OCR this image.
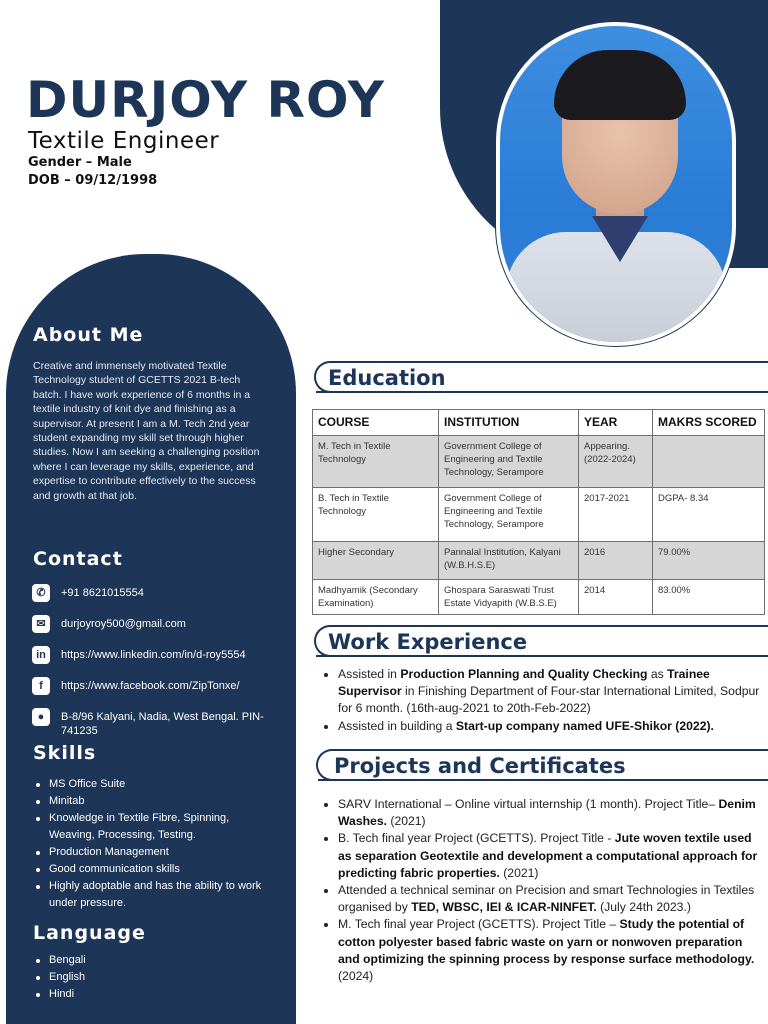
DURJOY ROY
Textile Engineer
Gender – Male
DOB – 09/12/1998
About Me
Creative and immensely motivated Textile Technology student of GCETTS 2021 B-tech batch. I have work experience of 6 months in a textile industry of knit dye and finishing as a supervisor. At present I am a M. Tech 2nd year student expanding my skill set through higher studies. Now I am seeking a challenging position where I can leverage my skills, experience, and expertise to contribute effectively to the success and growth at that job.
Contact
✆	+91 8621015554
✉	durjoyroy500@gmail.com
in	https://www.linkedin.com/in/d-roy5554
f	https://www.facebook.com/ZipTonxe/
●	B-8/96 Kalyani, Nadia, West Bengal. PIN-741235
Skills
MS Office Suite
Minitab
Knowledge in Textile Fibre, Spinning, Weaving, Processing, Testing.
Production Management
Good communication skills
Highly adoptable and has the ability to work under pressure.
Language
Bengali
English
Hindi
Education
COURSE	INSTITUTION	YEAR	MAKRS SCORED
M. Tech in Textile Technology	Government College of Engineering and Textile Technology, Serampore	Appearing. (2022-2024)	
B. Tech in Textile Technology	Government College of Engineering and Textile Technology, Serampore	2017-2021	DGPA- 8.34
Higher Secondary	Pannalal Institution, Kalyani (W.B.H.S.E)	2016	79.00%
Madhyamik (Secondary Examination)	Ghospara Saraswati Trust Estate Vidyapith (W.B.S.E)	2014	83.00%
Work Experience
Assisted in Production Planning and Quality Checking as Trainee Supervisor in Finishing Department of Four-star International Limited, Sodpur for 6 month. (16th-aug-2021 to 20th-Feb-2022)
Assisted in building a Start-up company named UFE-Shikor (2022).
Projects and Certificates
SARV International – Online virtual internship (1 month). Project Title– Denim Washes. (2021)
B. Tech final year Project (GCETTS). Project Title - Jute woven textile used as separation Geotextile and development a computational approach for predicting fabric properties. (2021)
Attended a technical seminar on Precision and smart Technologies in Textiles organised by TED, WBSC, IEI & ICAR-NINFET. (July 24th 2023.)
M. Tech final year Project (GCETTS). Project Title – Study the potential of cotton polyester based fabric waste on yarn or nonwoven preparation and optimizing the spinning process by response surface methodology. (2024)
